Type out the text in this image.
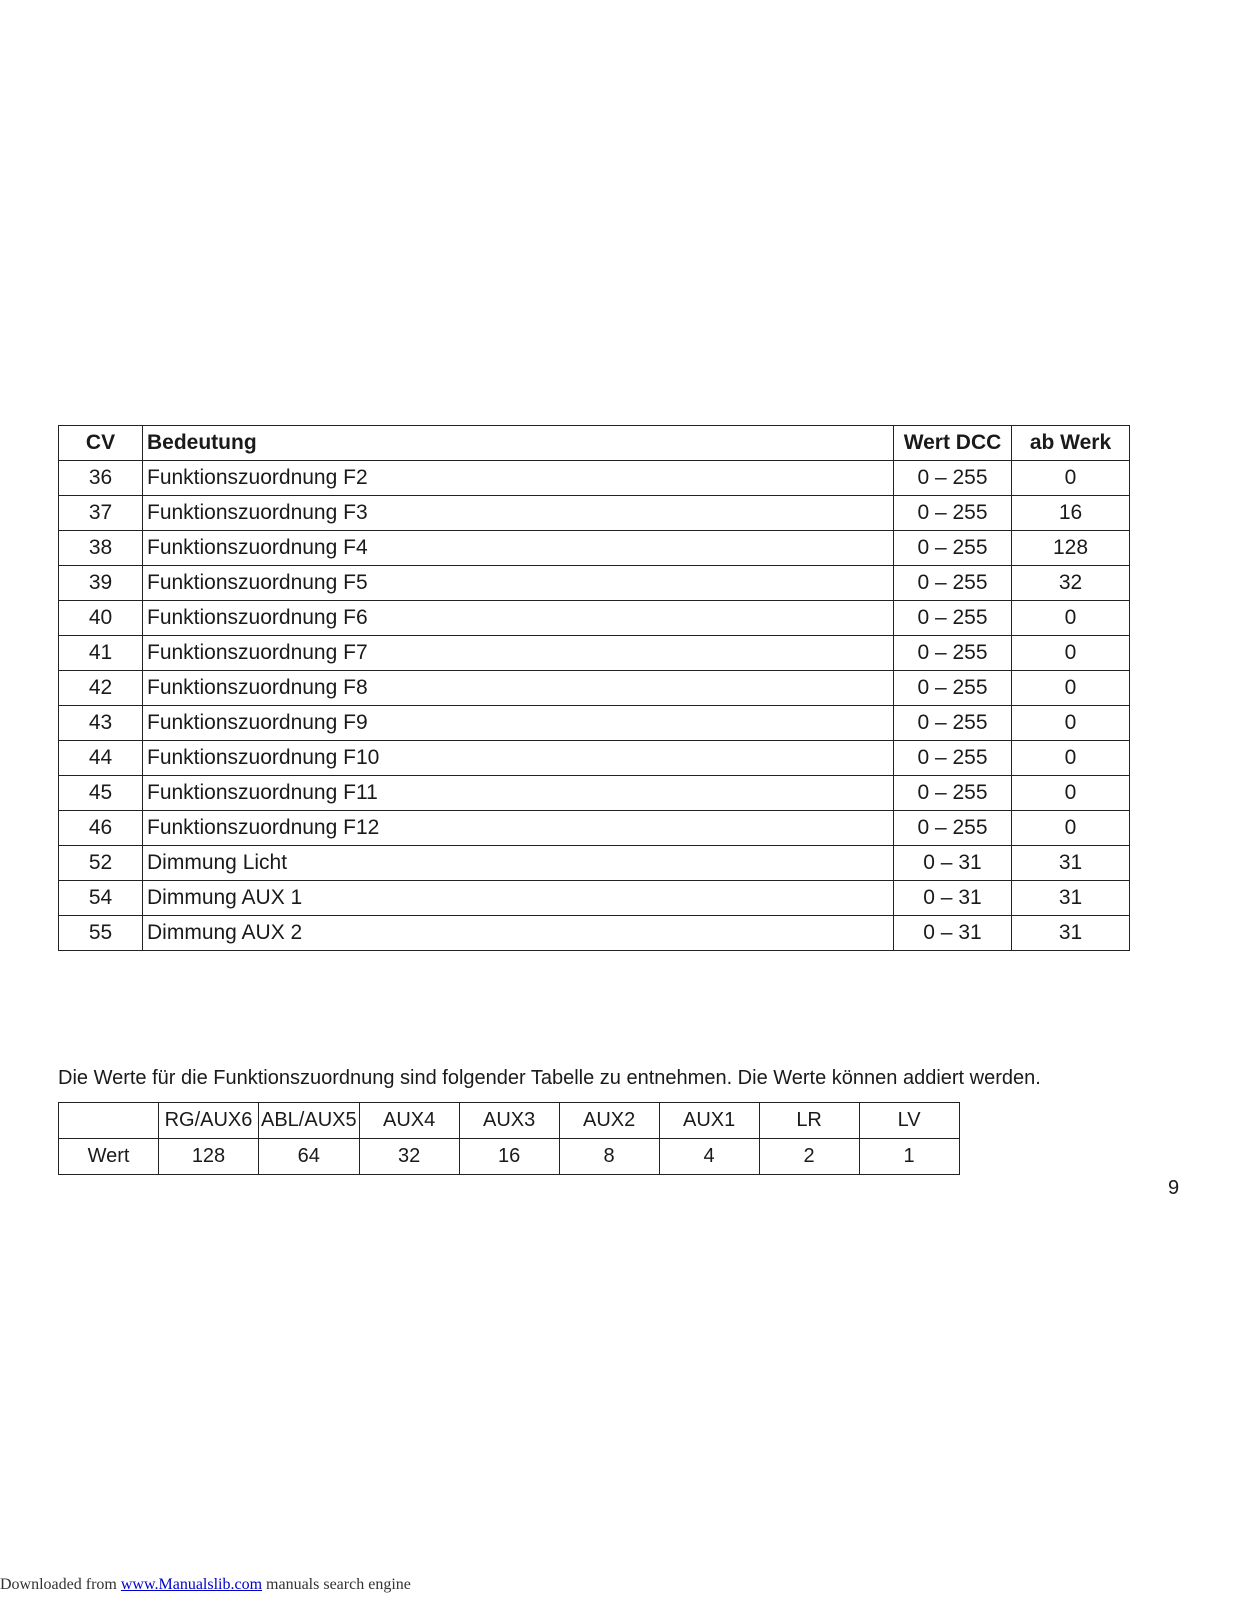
CV	Bedeutung	Wert DCC	ab Werk
36	Funktionszuordnung F2	0 – 255	0
37	Funktionszuordnung F3	0 – 255	16
38	Funktionszuordnung F4	0 – 255	128
39	Funktionszuordnung F5	0 – 255	32
40	Funktionszuordnung F6	0 – 255	0
41	Funktionszuordnung F7	0 – 255	0
42	Funktionszuordnung F8	0 – 255	0
43	Funktionszuordnung F9	0 – 255	0
44	Funktionszuordnung F10	0 – 255	0
45	Funktionszuordnung F11	0 – 255	0
46	Funktionszuordnung F12	0 – 255	0
52	Dimmung Licht	0 – 31	31
54	Dimmung AUX 1	0 – 31	31
55	Dimmung AUX 2	0 – 31	31

Die Werte für die Funktionszuordnung sind folgender Tabelle zu entnehmen. Die Werte können addiert werden.

	RG/AUX6	ABL/AUX5	AUX4	AUX3	AUX2	AUX1	LR	LV
Wert	128	64	32	16	8	4	2	1
9
Downloaded from www.Manualslib.com manuals search engine
